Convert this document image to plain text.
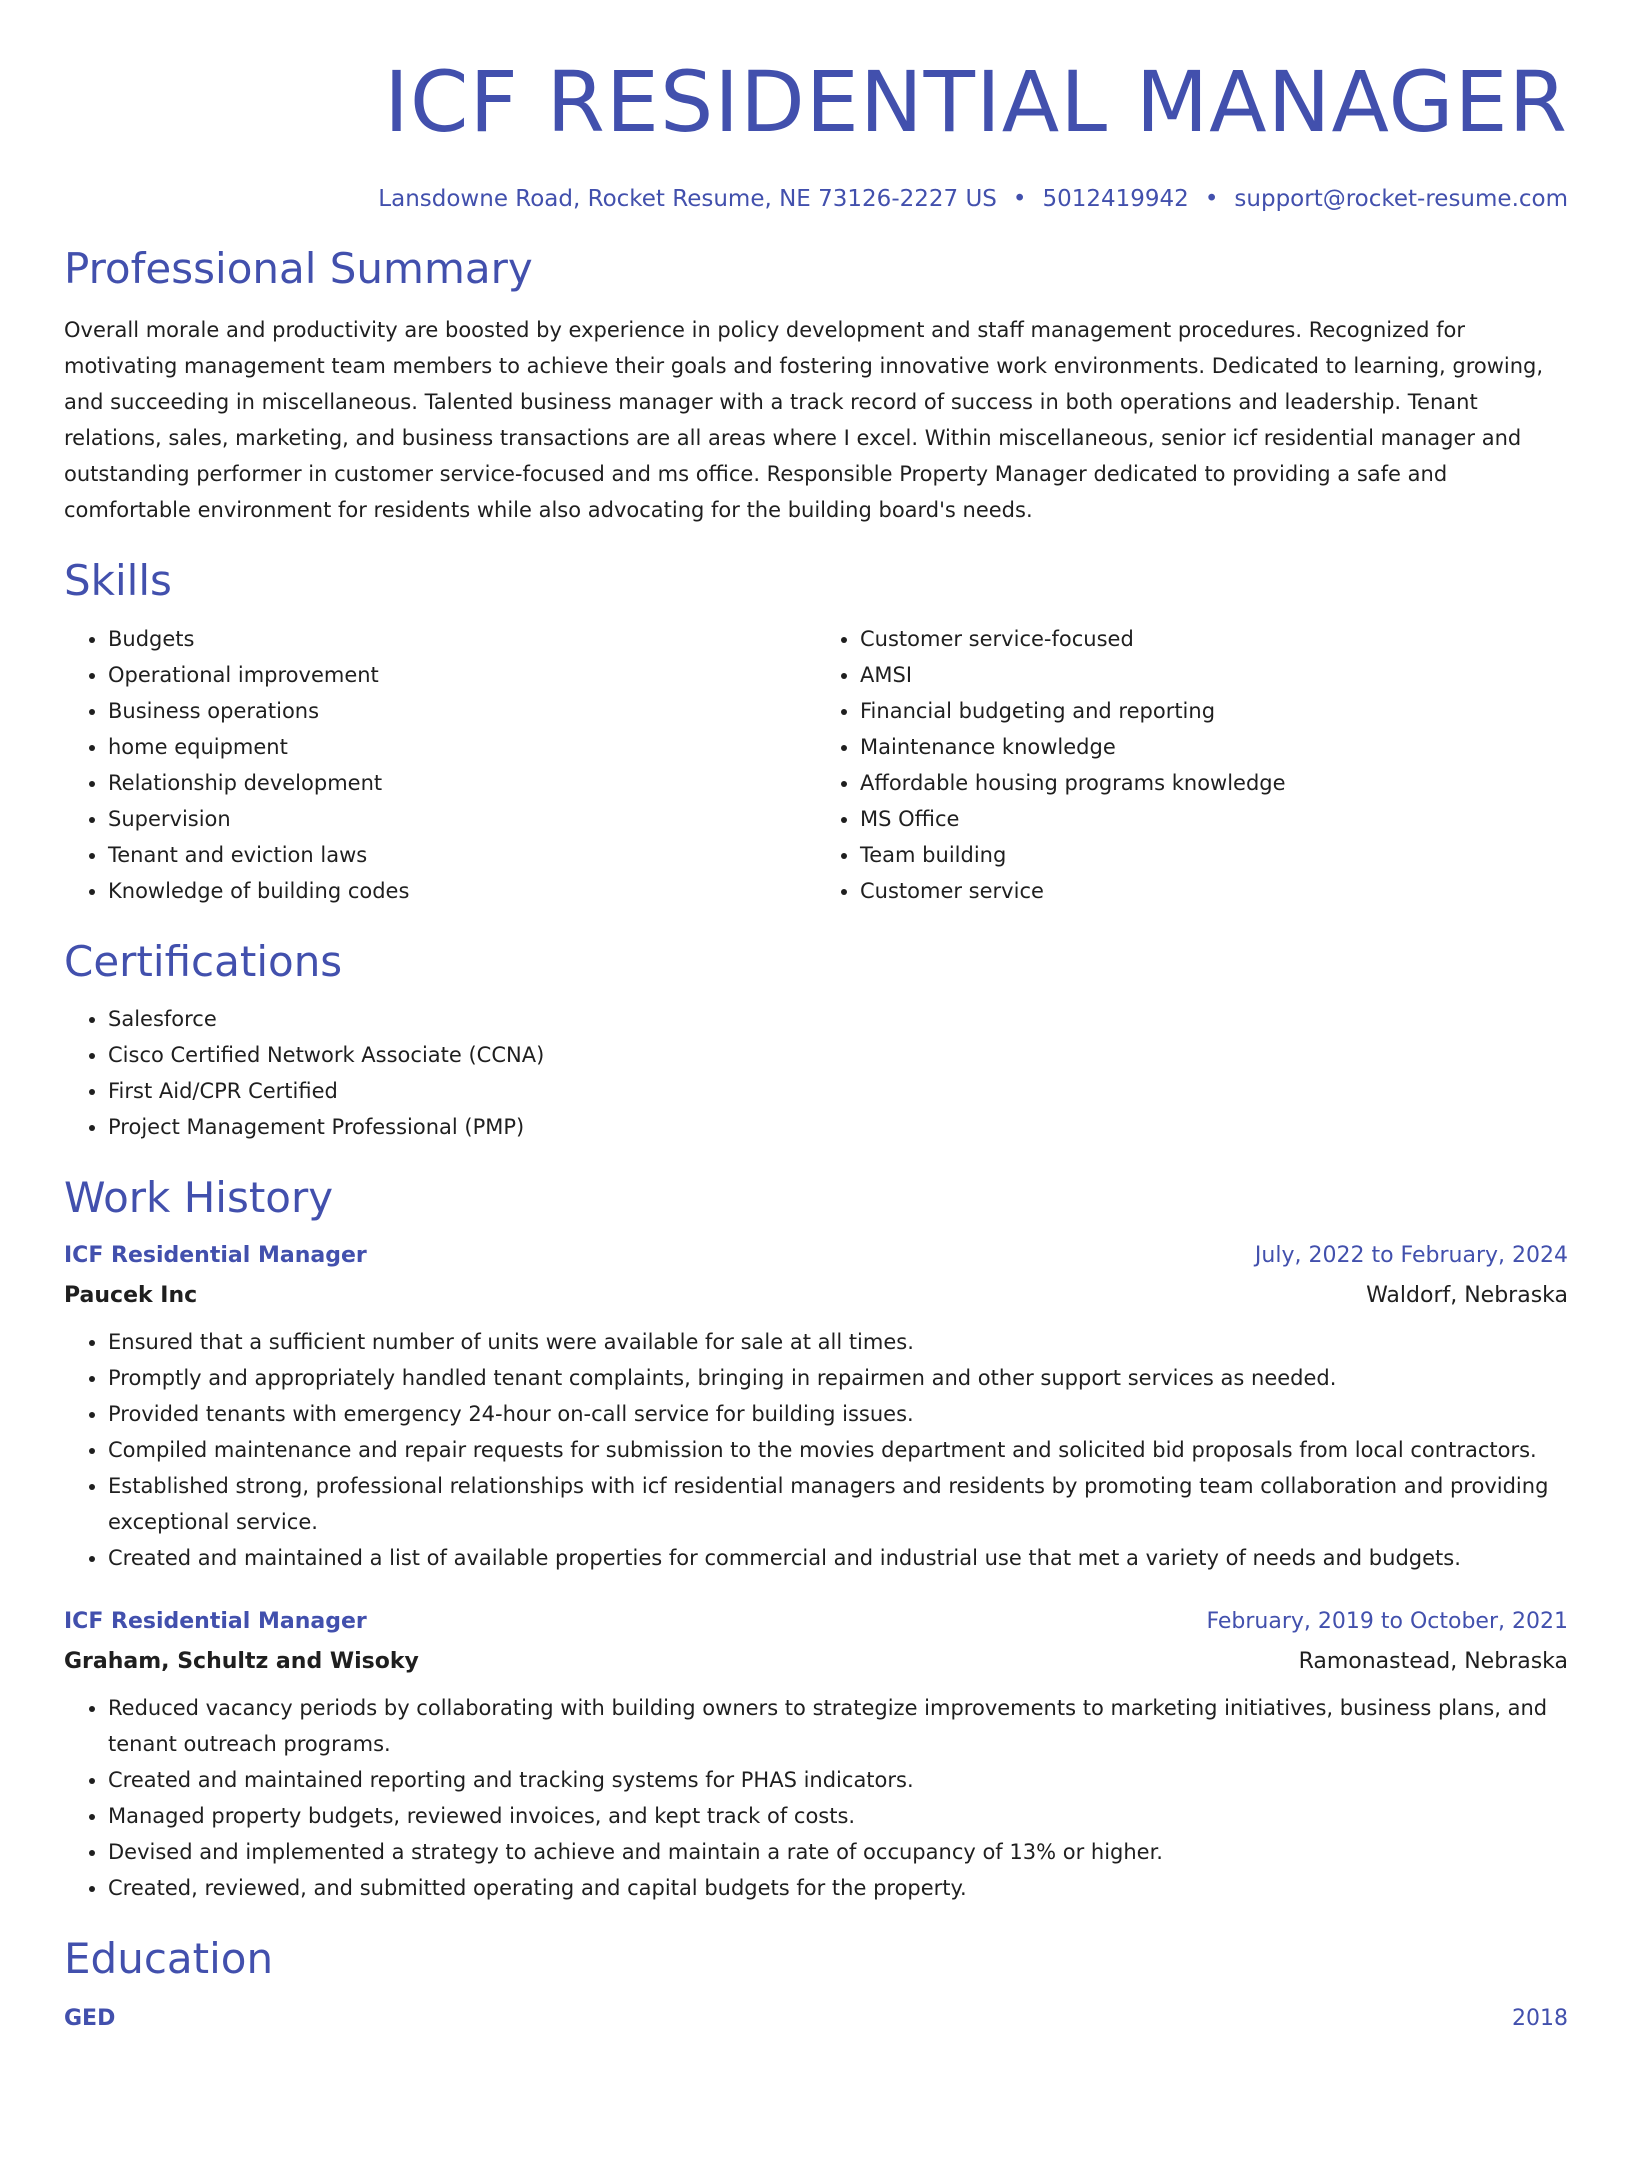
ICF RESIDENTIAL MANAGER
Lansdowne Road, Rocket Resume, NE 73126-2227 US • 5012419942 • support@rocket-resume.com
Professional Summary

Overall morale and productivity are boosted by experience in policy development and staff management procedures. Recognized for motivating management team members to achieve their goals and fostering innovative work environments. Dedicated to learning, growing, and succeeding in miscellaneous. Talented business manager with a track record of success in both operations and leadership. Tenant relations, sales, marketing, and business transactions are all areas where I excel. Within miscellaneous, senior icf residential manager and outstanding performer in customer service-focused and ms office. Responsible Property Manager dedicated to providing a safe and comfortable environment for residents while also advocating for the building board's needs.

Skills
• Budgets
• Operational improvement
• Business operations
• home equipment
• Relationship development
• Supervision
• Tenant and eviction laws
• Knowledge of building codes
• Customer service-focused
• AMSI
• Financial budgeting and reporting
• Maintenance knowledge
• Affordable housing programs knowledge
• MS Office
• Team building
• Customer service
Certifications
• Salesforce
• Cisco Certified Network Associate (CCNA)
• First Aid/CPR Certified
• Project Management Professional (PMP)
Work History
ICF Residential Manager	July, 2022 to February, 2024
Paucek Inc	Waldorf, Nebraska
• Ensured that a sufficient number of units were available for sale at all times.
• Promptly and appropriately handled tenant complaints, bringing in repairmen and other support services as needed.
• Provided tenants with emergency 24-hour on-call service for building issues.
• Compiled maintenance and repair requests for submission to the movies department and solicited bid proposals from local contractors.
• Established strong, professional relationships with icf residential managers and residents by promoting team collaboration and providing exceptional service.
• Created and maintained a list of available properties for commercial and industrial use that met a variety of needs and budgets.
ICF Residential Manager	February, 2019 to October, 2021
Graham, Schultz and Wisoky	Ramonastead, Nebraska
• Reduced vacancy periods by collaborating with building owners to strategize improvements to marketing initiatives, business plans, and tenant outreach programs.
• Created and maintained reporting and tracking systems for PHAS indicators.
• Managed property budgets, reviewed invoices, and kept track of costs.
• Devised and implemented a strategy to achieve and maintain a rate of occupancy of 13% or higher.
• Created, reviewed, and submitted operating and capital budgets for the property.
Education
GED	2018
